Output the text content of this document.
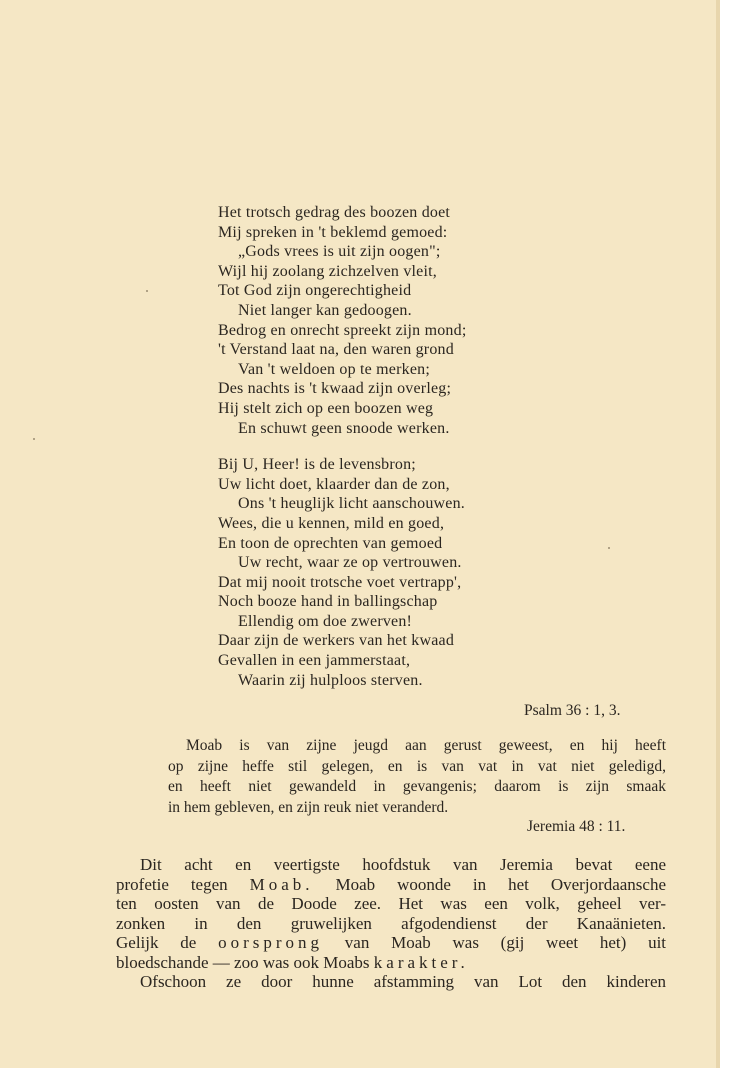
Het trotsch gedrag des boozen doet
Mij spreken in 't beklemd gemoed:
„Gods vrees is uit zijn oogen";
Wijl hij zoolang zichzelven vleit,
Tot God zijn ongerechtigheid
Niet langer kan gedoogen.
Bedrog en onrecht spreekt zijn mond;
't Verstand laat na, den waren grond
Van 't weldoen op te merken;
Des nachts is 't kwaad zijn overleg;
Hij stelt zich op een boozen weg
En schuwt geen snoode werken.
Bij U, Heer! is de levensbron;
Uw licht doet, klaarder dan de zon,
Ons 't heuglijk licht aanschouwen.
Wees, die u kennen, mild en goed,
En toon de oprechten van gemoed
Uw recht, waar ze op vertrouwen.
Dat mij nooit trotsche voet vertrapp',
Noch booze hand in ballingschap
Ellendig om doe zwerven!
Daar zijn de werkers van het kwaad
Gevallen in een jammerstaat,
Waarin zij hulploos sterven.
Psalm 36 : 1, 3.
Moab is van zijne jeugd aan gerust geweest, en hij heeft
op zijne heffe stil gelegen, en is van vat in vat niet geledigd,
en heeft niet gewandeld in gevangenis; daarom is zijn smaak
in hem gebleven, en zijn reuk niet veranderd.
Jeremia 48 : 11.
Dit acht en veertigste hoofdstuk van Jeremia bevat eene
profetie tegen Moab. Moab woonde in het Overjordaansche
ten oosten van de Doode zee. Het was een volk, geheel ver-
zonken in den gruwelijken afgodendienst der Kanaänieten.
Gelijk de oorsprong van Moab was (gij weet het) uit
bloedschande — zoo was ook Moabs karakter.
Ofschoon ze door hunne afstamming van Lot den kinderen
